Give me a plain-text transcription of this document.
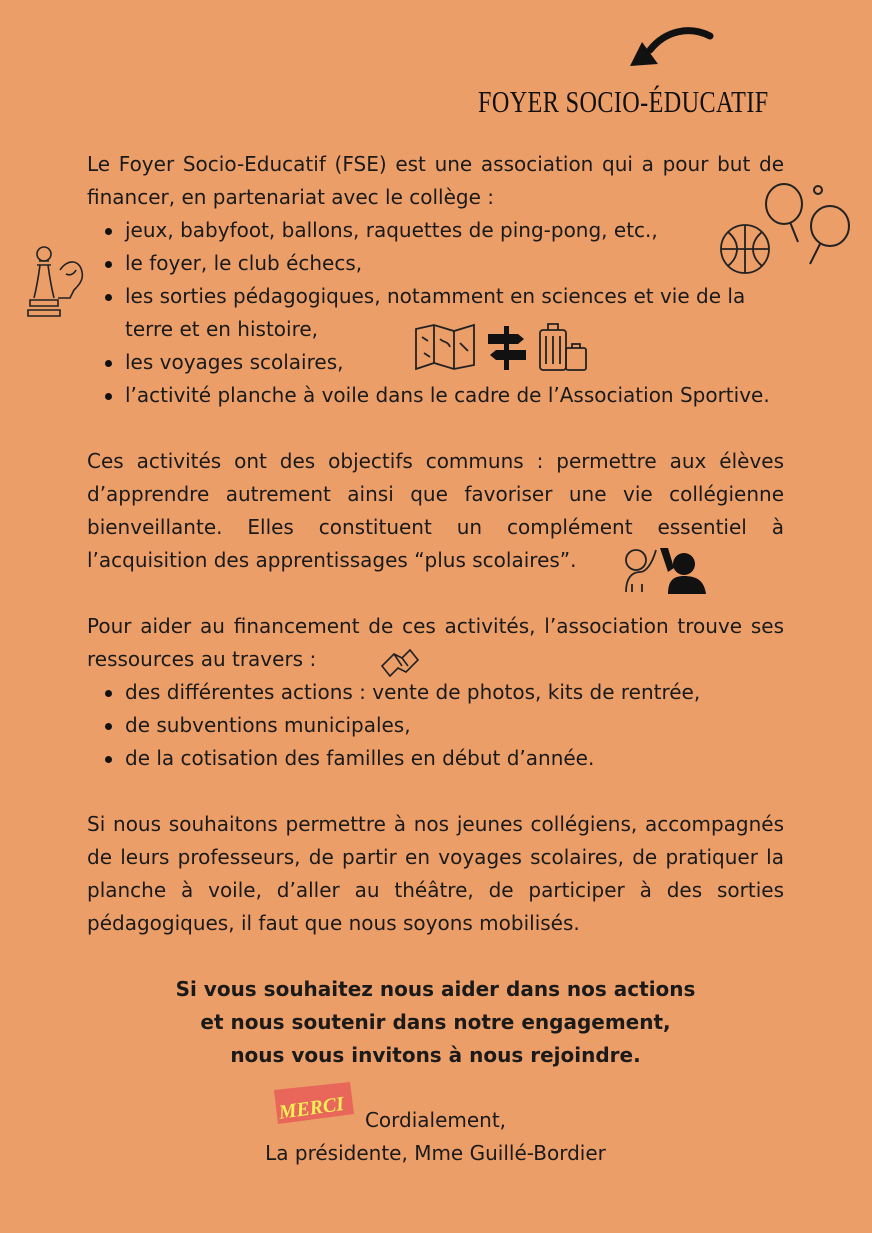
FOYER SOCIO-ÉDUCATIF

Le Foyer Socio-Educatif (FSE) est une association qui a pour but de financer, en partenariat avec le collège :

jeux, babyfoot, ballons, raquettes de ping-pong, etc.,
le foyer, le club échecs,
les sorties pédagogiques, notamment en sciences et vie de la terre et en histoire,
les voyages scolaires,
l’activité planche à voile dans le cadre de l’Association Sportive.

Ces activités ont des objectifs communs : permettre aux élèves d’apprendre autrement ainsi que favoriser une vie collégienne bienveillante. Elles constituent un complément essentiel à l’acquisition des apprentissages “plus scolaires”.

Pour aider au financement de ces activités, l’association trouve ses ressources au travers :

des différentes actions : vente de photos, kits de rentrée,
de subventions municipales,
de la cotisation des familles en début d’année.

Si nous souhaitons permettre à nos jeunes collégiens, accompagnés de leurs professeurs, de partir en voyages scolaires, de pratiquer la planche à voile, d’aller au théâtre, de participer à des sorties pédagogiques, il faut que nous soyons mobilisés.

Si vous souhaitez nous aider dans nos actions
et nous soutenir dans notre engagement,
nous vous invitons à nous rejoindre.
MERCI Cordialement,
La présidente, Mme Guillé-Bordier
